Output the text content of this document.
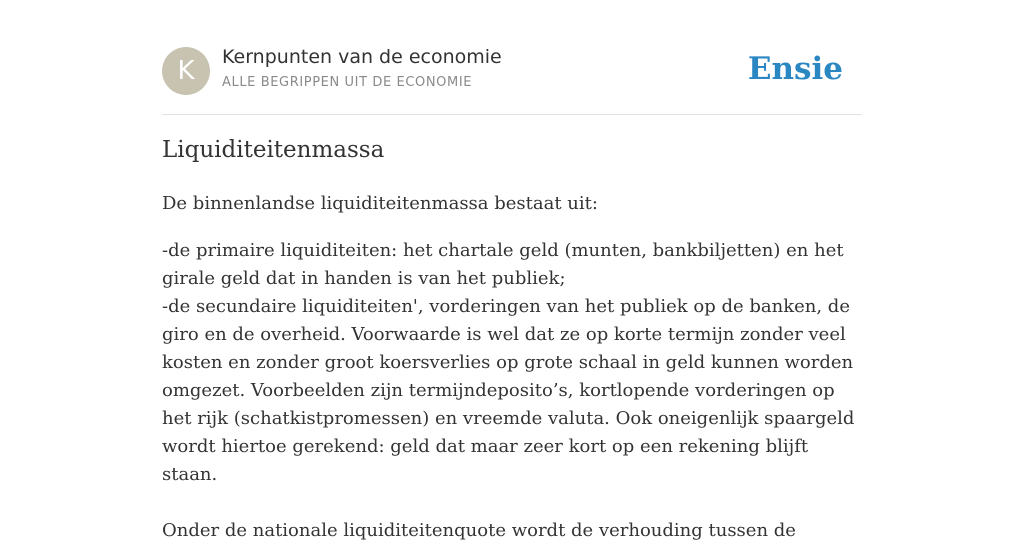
K	Kernpunten van de economie
ALLE BEGRIPPEN UIT DE ECONOMIE	Ensie
Liquiditeitenmassa

De binnenlandse liquiditeitenmassa bestaat uit:

-de primaire liquiditeiten: het chartale geld (munten, bankbiljetten) en het girale geld dat in handen is van het publiek;
-de secundaire liquiditeiten', vorderingen van het publiek op de banken, de giro en de overheid. Voorwaarde is wel dat ze op korte termijn zonder veel kosten en zonder groot koersverlies op grote schaal in geld kunnen worden omgezet. Voorbeelden zijn termijndeposito’s, kortlopende vorderingen op het rijk (schatkistpromessen) en vreemde valuta. Ook oneigenlijk spaargeld wordt hiertoe gerekend: geld dat maar zeer kort op een rekening blijft staan.

Onder de nationale liquiditeitenquote wordt de verhouding tussen de
